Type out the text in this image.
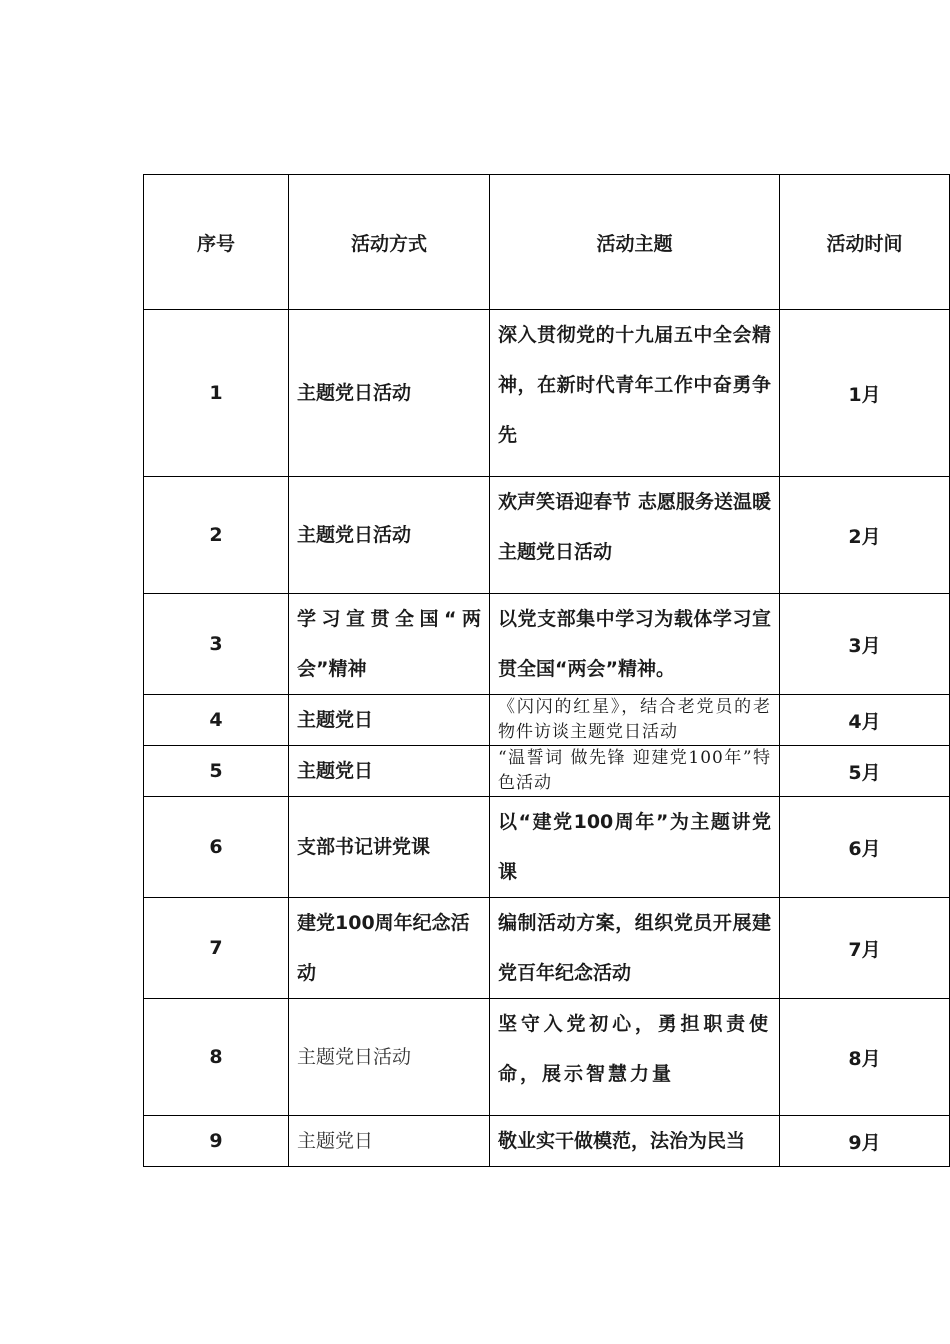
序号	活动方式	活动主题	活动时间
1	主题党日活动	深入贯彻党的十九届五中全会精神，在新时代青年工作中奋勇争先	1月
2	主题党日活动	欢声笑语迎春节 志愿服务送温暖 主题党日活动	2月
3	学习宣贯全国“两会”精神	以党支部集中学习为载体学习宣贯全国“两会”精神。	3月
4	主题党日	《闪闪的红星》，结合老党员的老物件访谈主题党日活动	4月
5	主题党日	“温誓词 做先锋 迎建党100年”特色活动	5月
6	支部书记讲党课	以“建党100周年”为主题讲党课	6月
7	建党100周年纪念活动	编制活动方案，组织党员开展建党百年纪念活动	7月
8	主题党日活动	坚守入党初心，勇担职责使命，展示智慧力量	8月
9	主题党日	敬业实干做模范，法治为民当	9月
